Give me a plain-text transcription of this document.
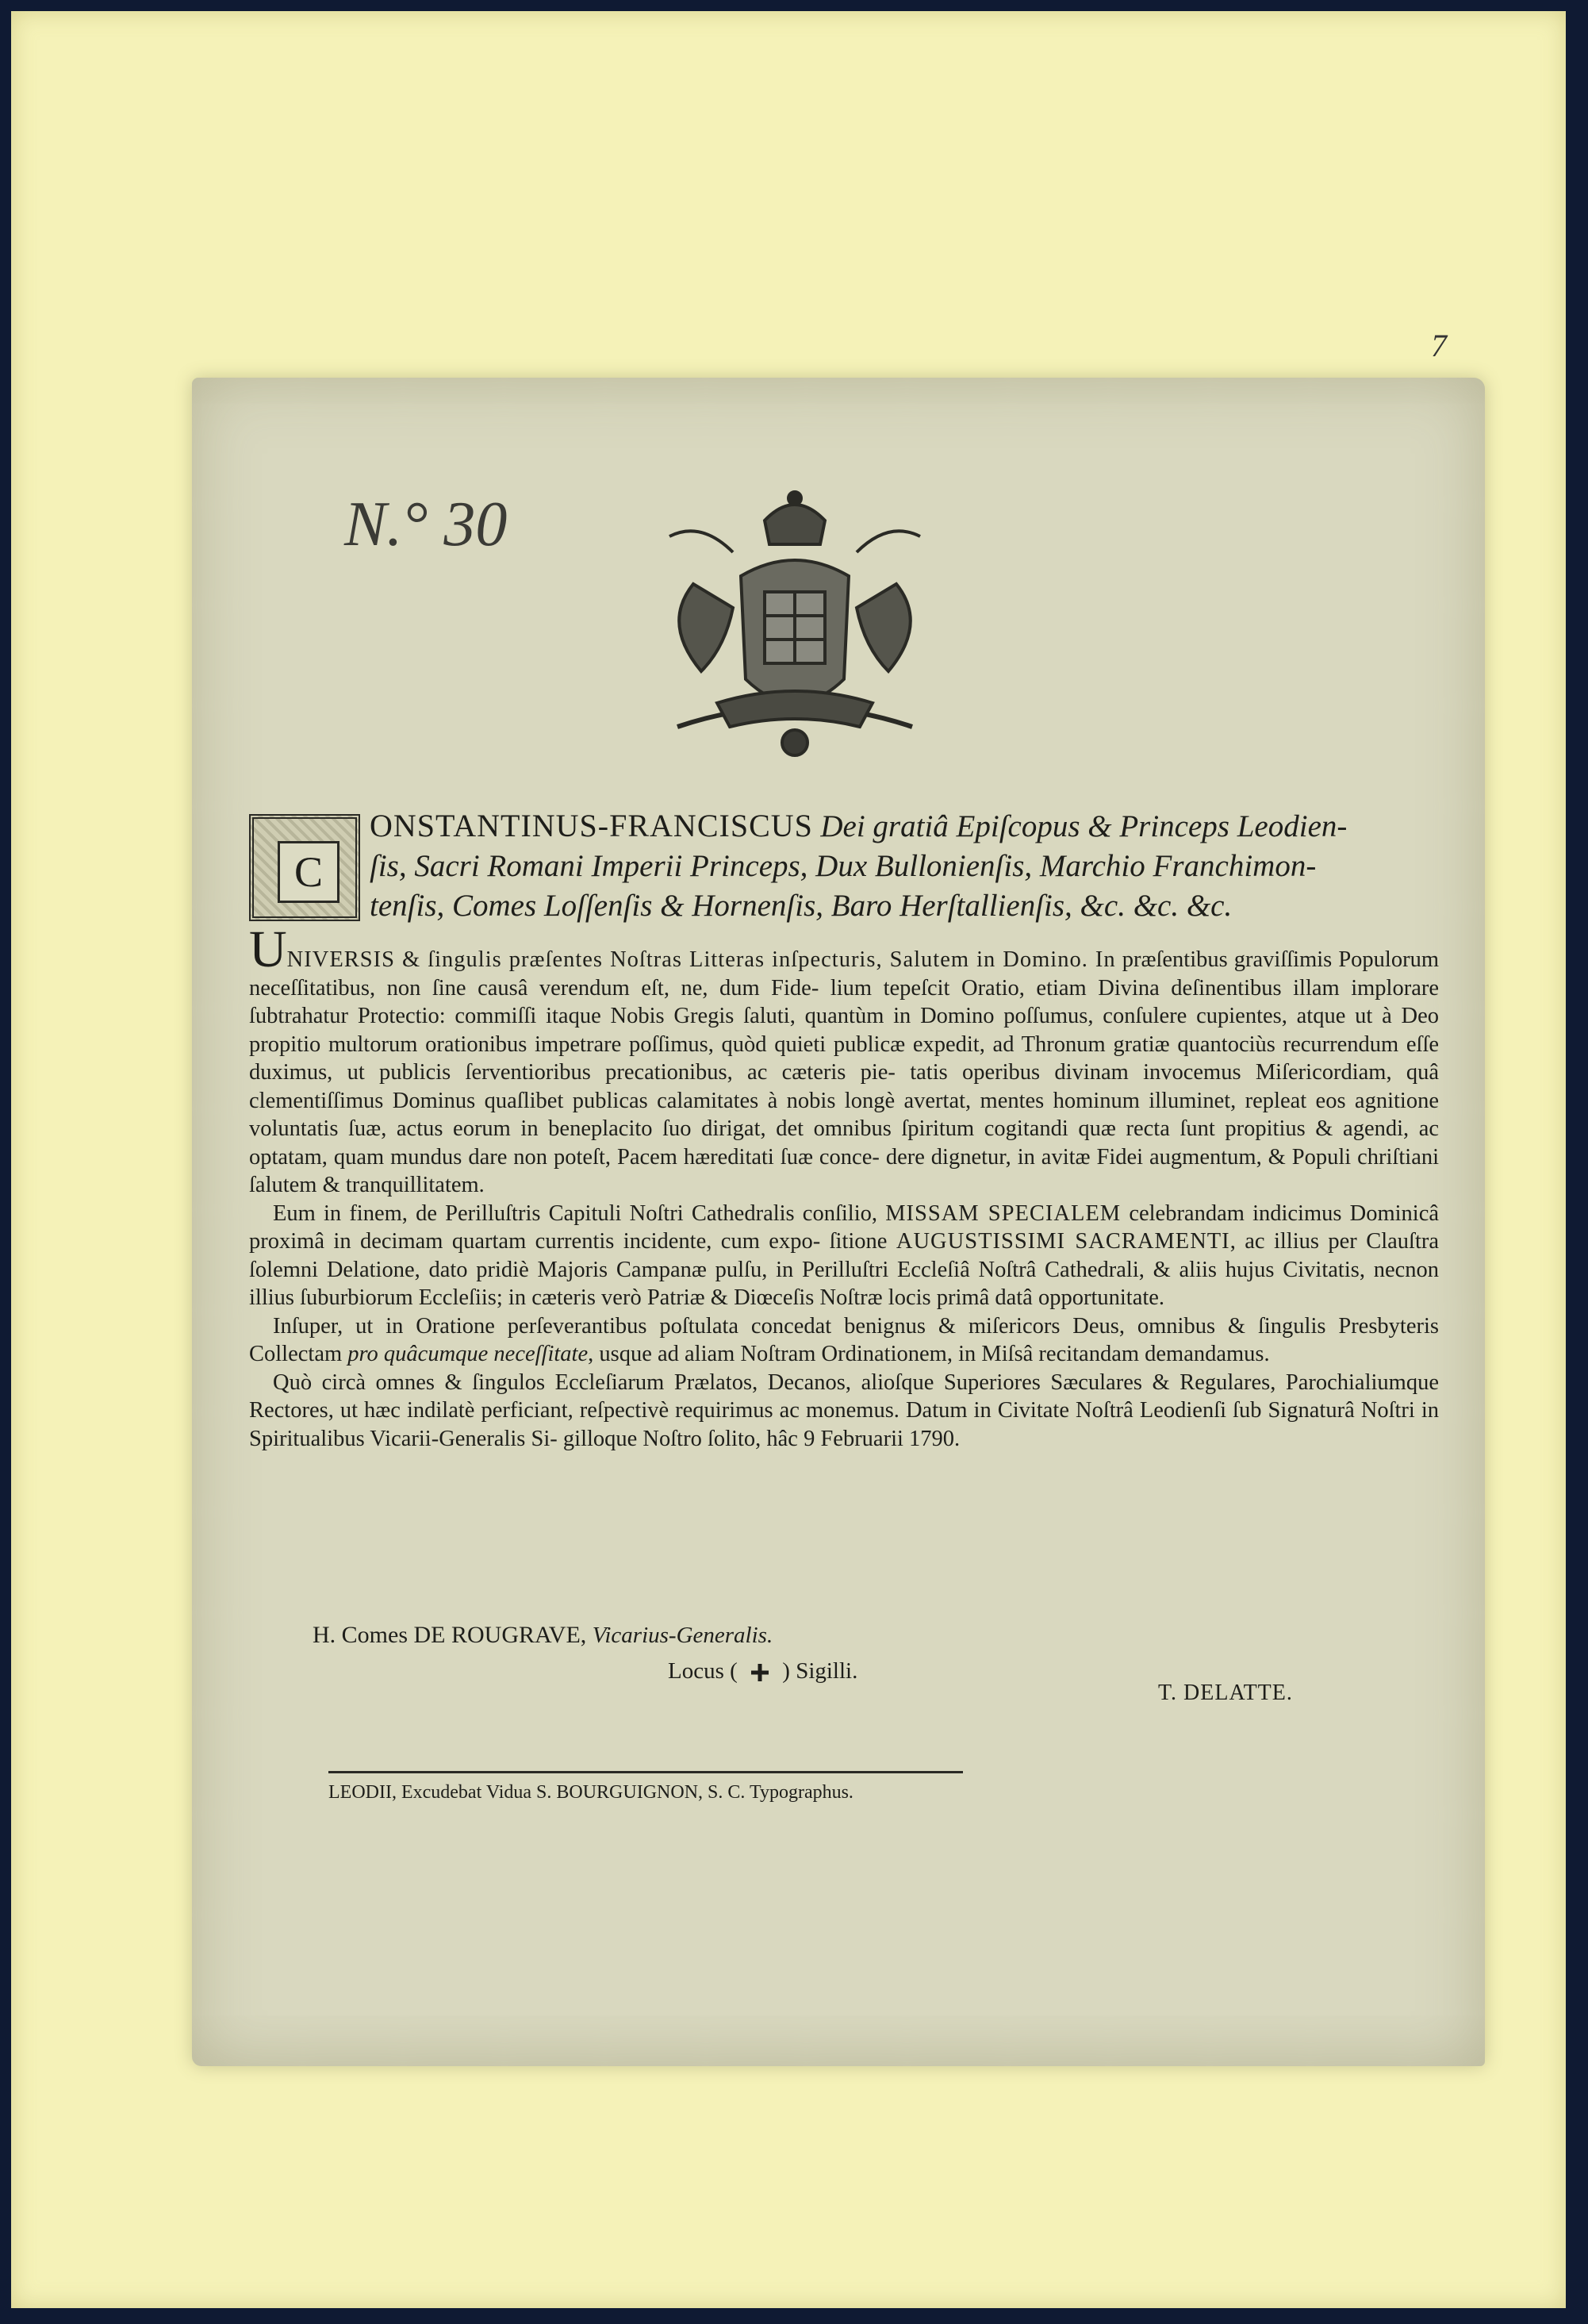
7
N.° 30
C
ONSTANTINUS-FRANCISCUS Dei gratiâ Epiſcopus & Princeps Leodien-
ſis, Sacri Romani Imperii Princeps, Dux Bullonienſis, Marchio Franchimon-
tenſis, Comes Loſſenſis & Hornenſis, Baro Herſtallienſis, &c. &c. &c.

UNIVERSIS & ſingulis præſentes Noſtras Litteras inſpecturis, Salutem in Domino. In præſentibus graviſſimis Populorum neceſſitatibus, non ſine causâ verendum eſt, ne, dum Fide- lium tepeſcit Oratio, etiam Divina deſinentibus illam implorare ſubtrahatur Protectio: commiſſi itaque Nobis Gregis ſaluti, quantùm in Domino poſſumus, conſulere cupientes, atque ut à Deo propitio multorum orationibus impetrare poſſimus, quòd quieti publicæ expedit, ad Thronum gratiæ quantociùs recurrendum eſſe duximus, ut publicis ſerventioribus precationibus, ac cæteris pie- tatis operibus divinam invocemus Miſericordiam, quâ clementiſſimus Dominus quaſlibet publicas calamitates à nobis longè avertat, mentes hominum illuminet, repleat eos agnitione voluntatis ſuæ, actus eorum in beneplacito ſuo dirigat, det omnibus ſpiritum cogitandi quæ recta ſunt propitius & agendi, ac optatam, quam mundus dare non poteſt, Pacem hæreditati ſuæ conce- dere dignetur, in avitæ Fidei augmentum, & Populi chriſtiani ſalutem & tranquillitatem.

Eum in finem, de Perilluſtris Capituli Noſtri Cathedralis conſilio, MISSAM SPECIALEM celebrandam indicimus Dominicâ proximâ in decimam quartam currentis incidente, cum expo- ſitione AUGUSTISSIMI SACRAMENTI, ac illius per Clauſtra ſolemni Delatione, dato pridiè Majoris Campanæ pulſu, in Perilluſtri Eccleſiâ Noſtrâ Cathedrali, & aliis hujus Civitatis, necnon illius ſuburbiorum Eccleſiis; in cæteris verò Patriæ & Diœceſis Noſtræ locis primâ datâ opportunitate.

Inſuper, ut in Oratione perſeverantibus poſtulata concedat benignus & miſericors Deus, omnibus & ſingulis Presbyteris Collectam pro quâcumque neceſſitate, usque ad aliam Noſtram Ordinationem, in Miſsâ recitandam demandamus.

Quò circà omnes & ſingulos Eccleſiarum Prælatos, Decanos, alioſque Superiores Sæculares & Regulares, Parochialiumque Rectores, ut hæc indilatè perficiant, reſpectivè requirimus ac monemus. Datum in Civitate Noſtrâ Leodienſi ſub Signaturâ Noſtri in Spiritualibus Vicarii-Generalis Si- gilloque Noſtro ſolito, hâc 9 Februarii 1790.

H. Comes DE ROUGRAVE, Vicarius-Generalis.
Locus ( ) Sigilli.
T. DELATTE.
LEODII, Excudebat Vidua S. BOURGUIGNON, S. C. Typographus.
